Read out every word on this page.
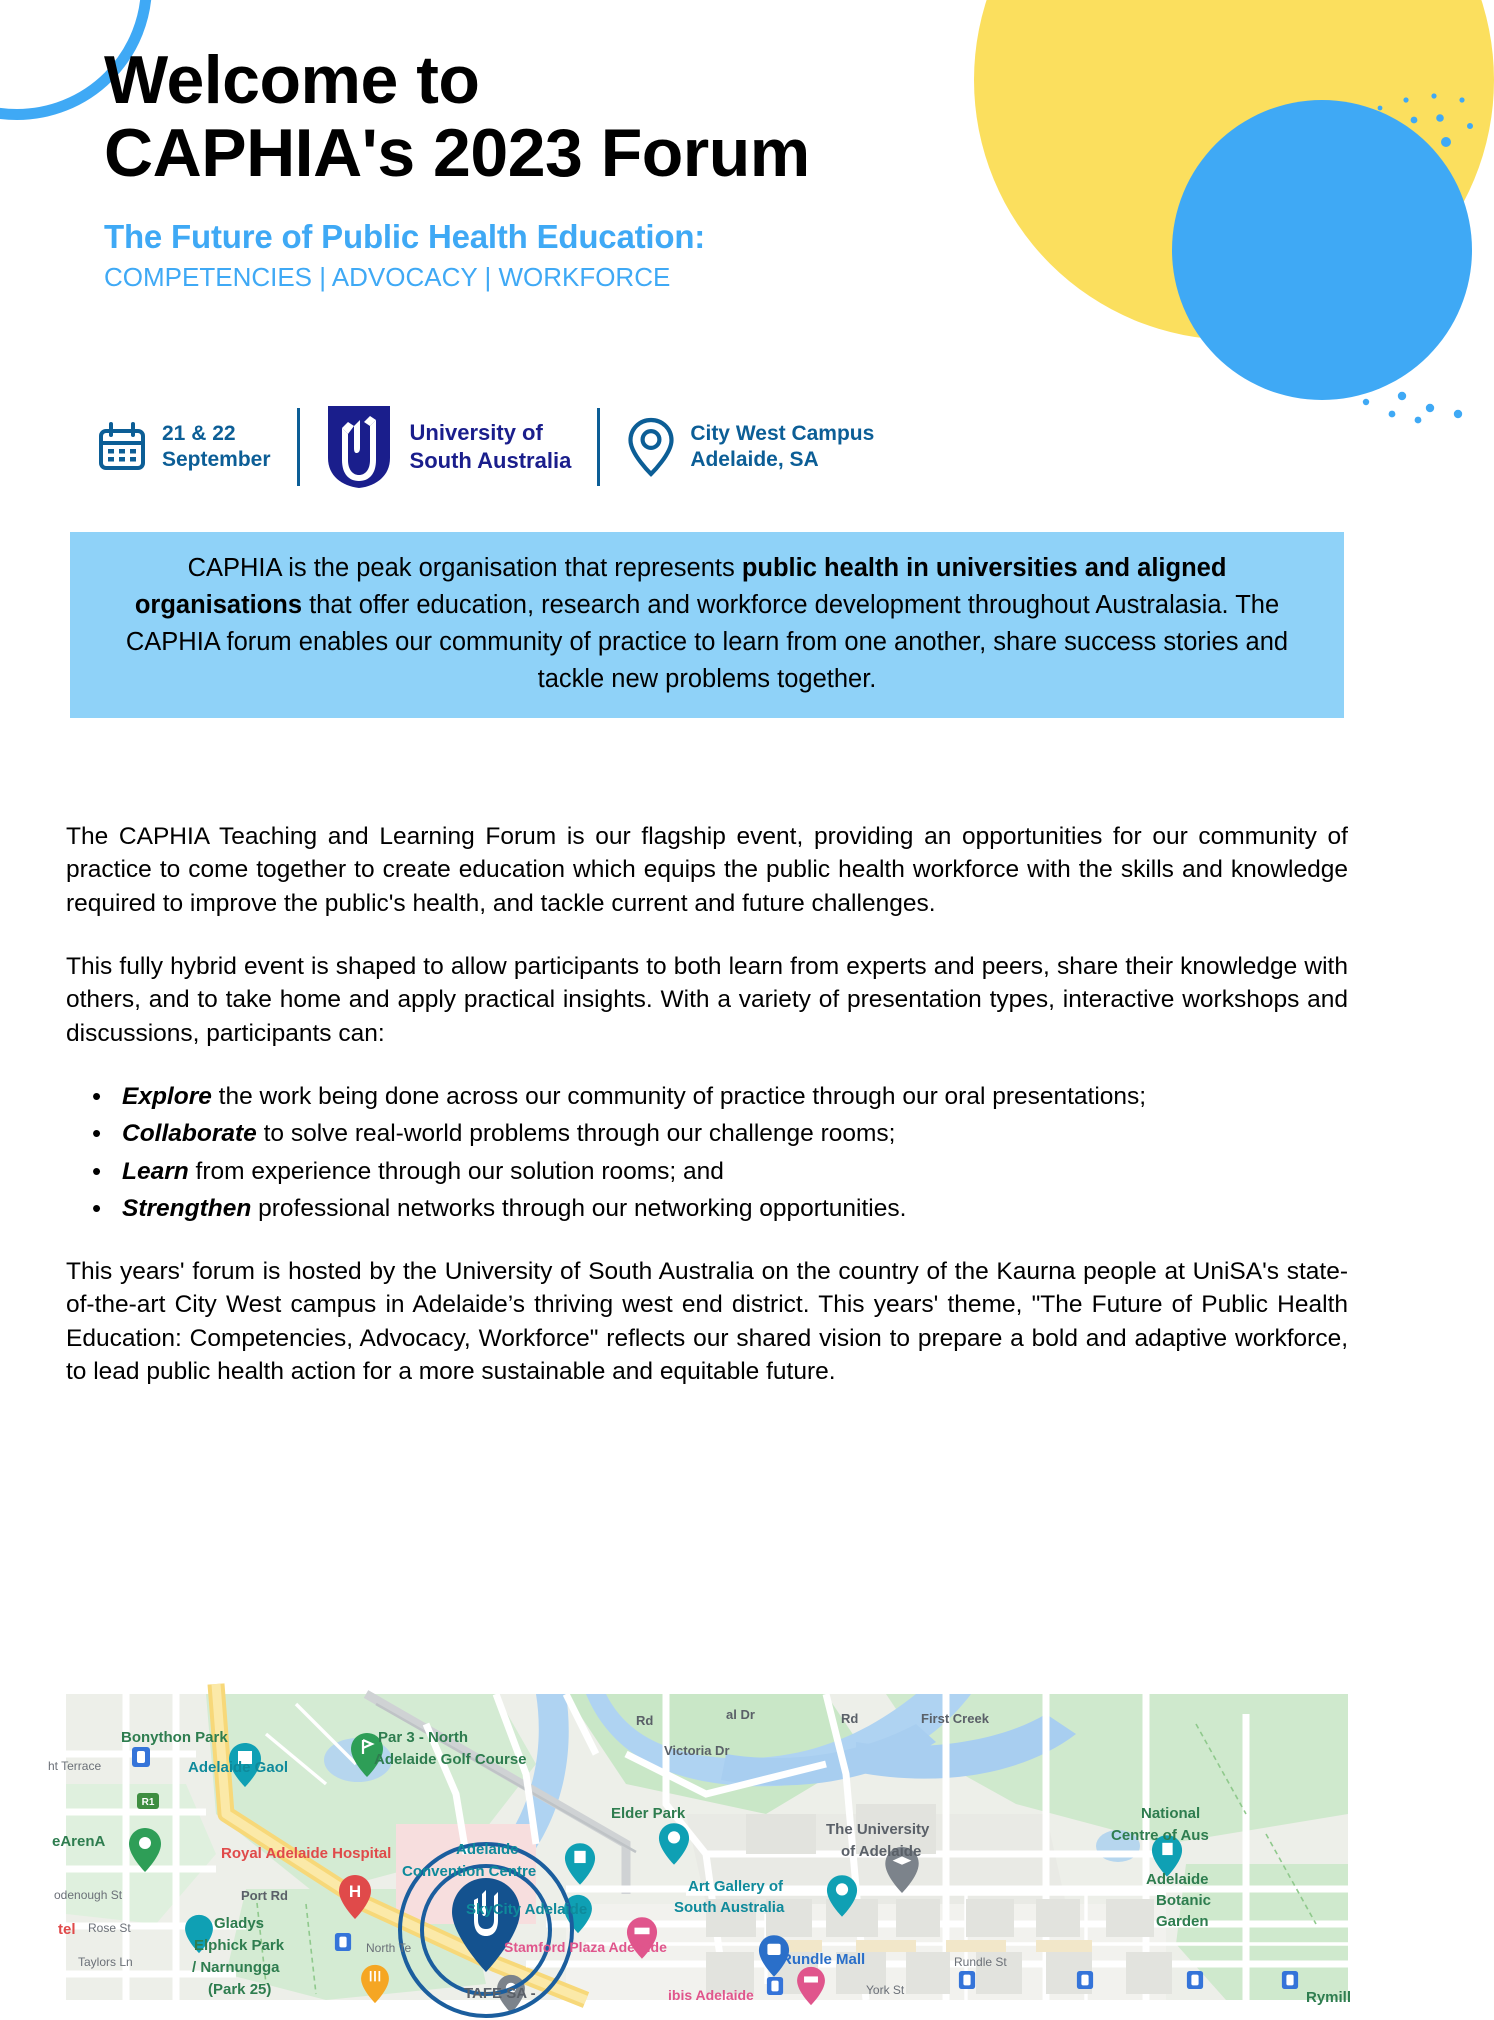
Welcome to
CAPHIA's 2023 Forum
The Future of Public Health Education:
COMPETENCIES | ADVOCACY | WORKFORCE
21 & 22
September
University of
South Australia
City West Campus
Adelaide, SA
CAPHIA is the peak organisation that represents public health in universities and aligned organisations that offer education, research and workforce development throughout Australasia. The CAPHIA forum enables our community of practice to learn from one another, share success stories and tackle new problems together.

The CAPHIA Teaching and Learning Forum is our flagship event, providing an opportunities for our community of practice to come together to create education which equips the public health workforce with the skills and knowledge required to improve the public's health, and tackle current and future challenges.

This fully hybrid event is shaped to allow participants to both learn from experts and peers, share their knowledge with others, and to take home and apply practical insights. With a variety of presentation types, interactive workshops and discussions, participants can:

• Explore the work being done across our community of practice through our oral presentations;
• Collaborate to solve real-world problems through our challenge rooms;
• Learn from experience through our solution rooms; and
• Strengthen professional networks through our networking opportunities.

This years' forum is hosted by the University of South Australia on the country of the Kaurna people at UniSA's state-of-the-art City West campus in Adelaide’s thriving west end district. This years' theme, "The Future of Public Health Education: Competencies, Advocacy, Workforce" reflects our shared vision to prepare a bold and adaptive workforce, to lead public health action for a more sustainable and equitable future.

H
R1
Bonython Park
Adelaide Gaol
ht Terrace
Par 3 - North
Adelaide Golf Course
eArenA
Royal Adelaide Hospital
odenough St	Port Rd
Adelaide
Convention Centre
SkyCity Adelaide
Victoria Dr
Rd	al Dr	Rd	First Creek
Elder Park
The University
of Adelaide
National
Centre of Aus
Art Gallery of
South Australia
Adelaide
Botanic
Garden
tel Rose St
Taylors Ln
Gladys
Elphick Park
/ Narnungga
(Park 25)
North Te	Stamford Plaza Adelaide
TAFE SA -
Rundle Mall	Rundle St
York St
ibis Adelaide	Rymill
